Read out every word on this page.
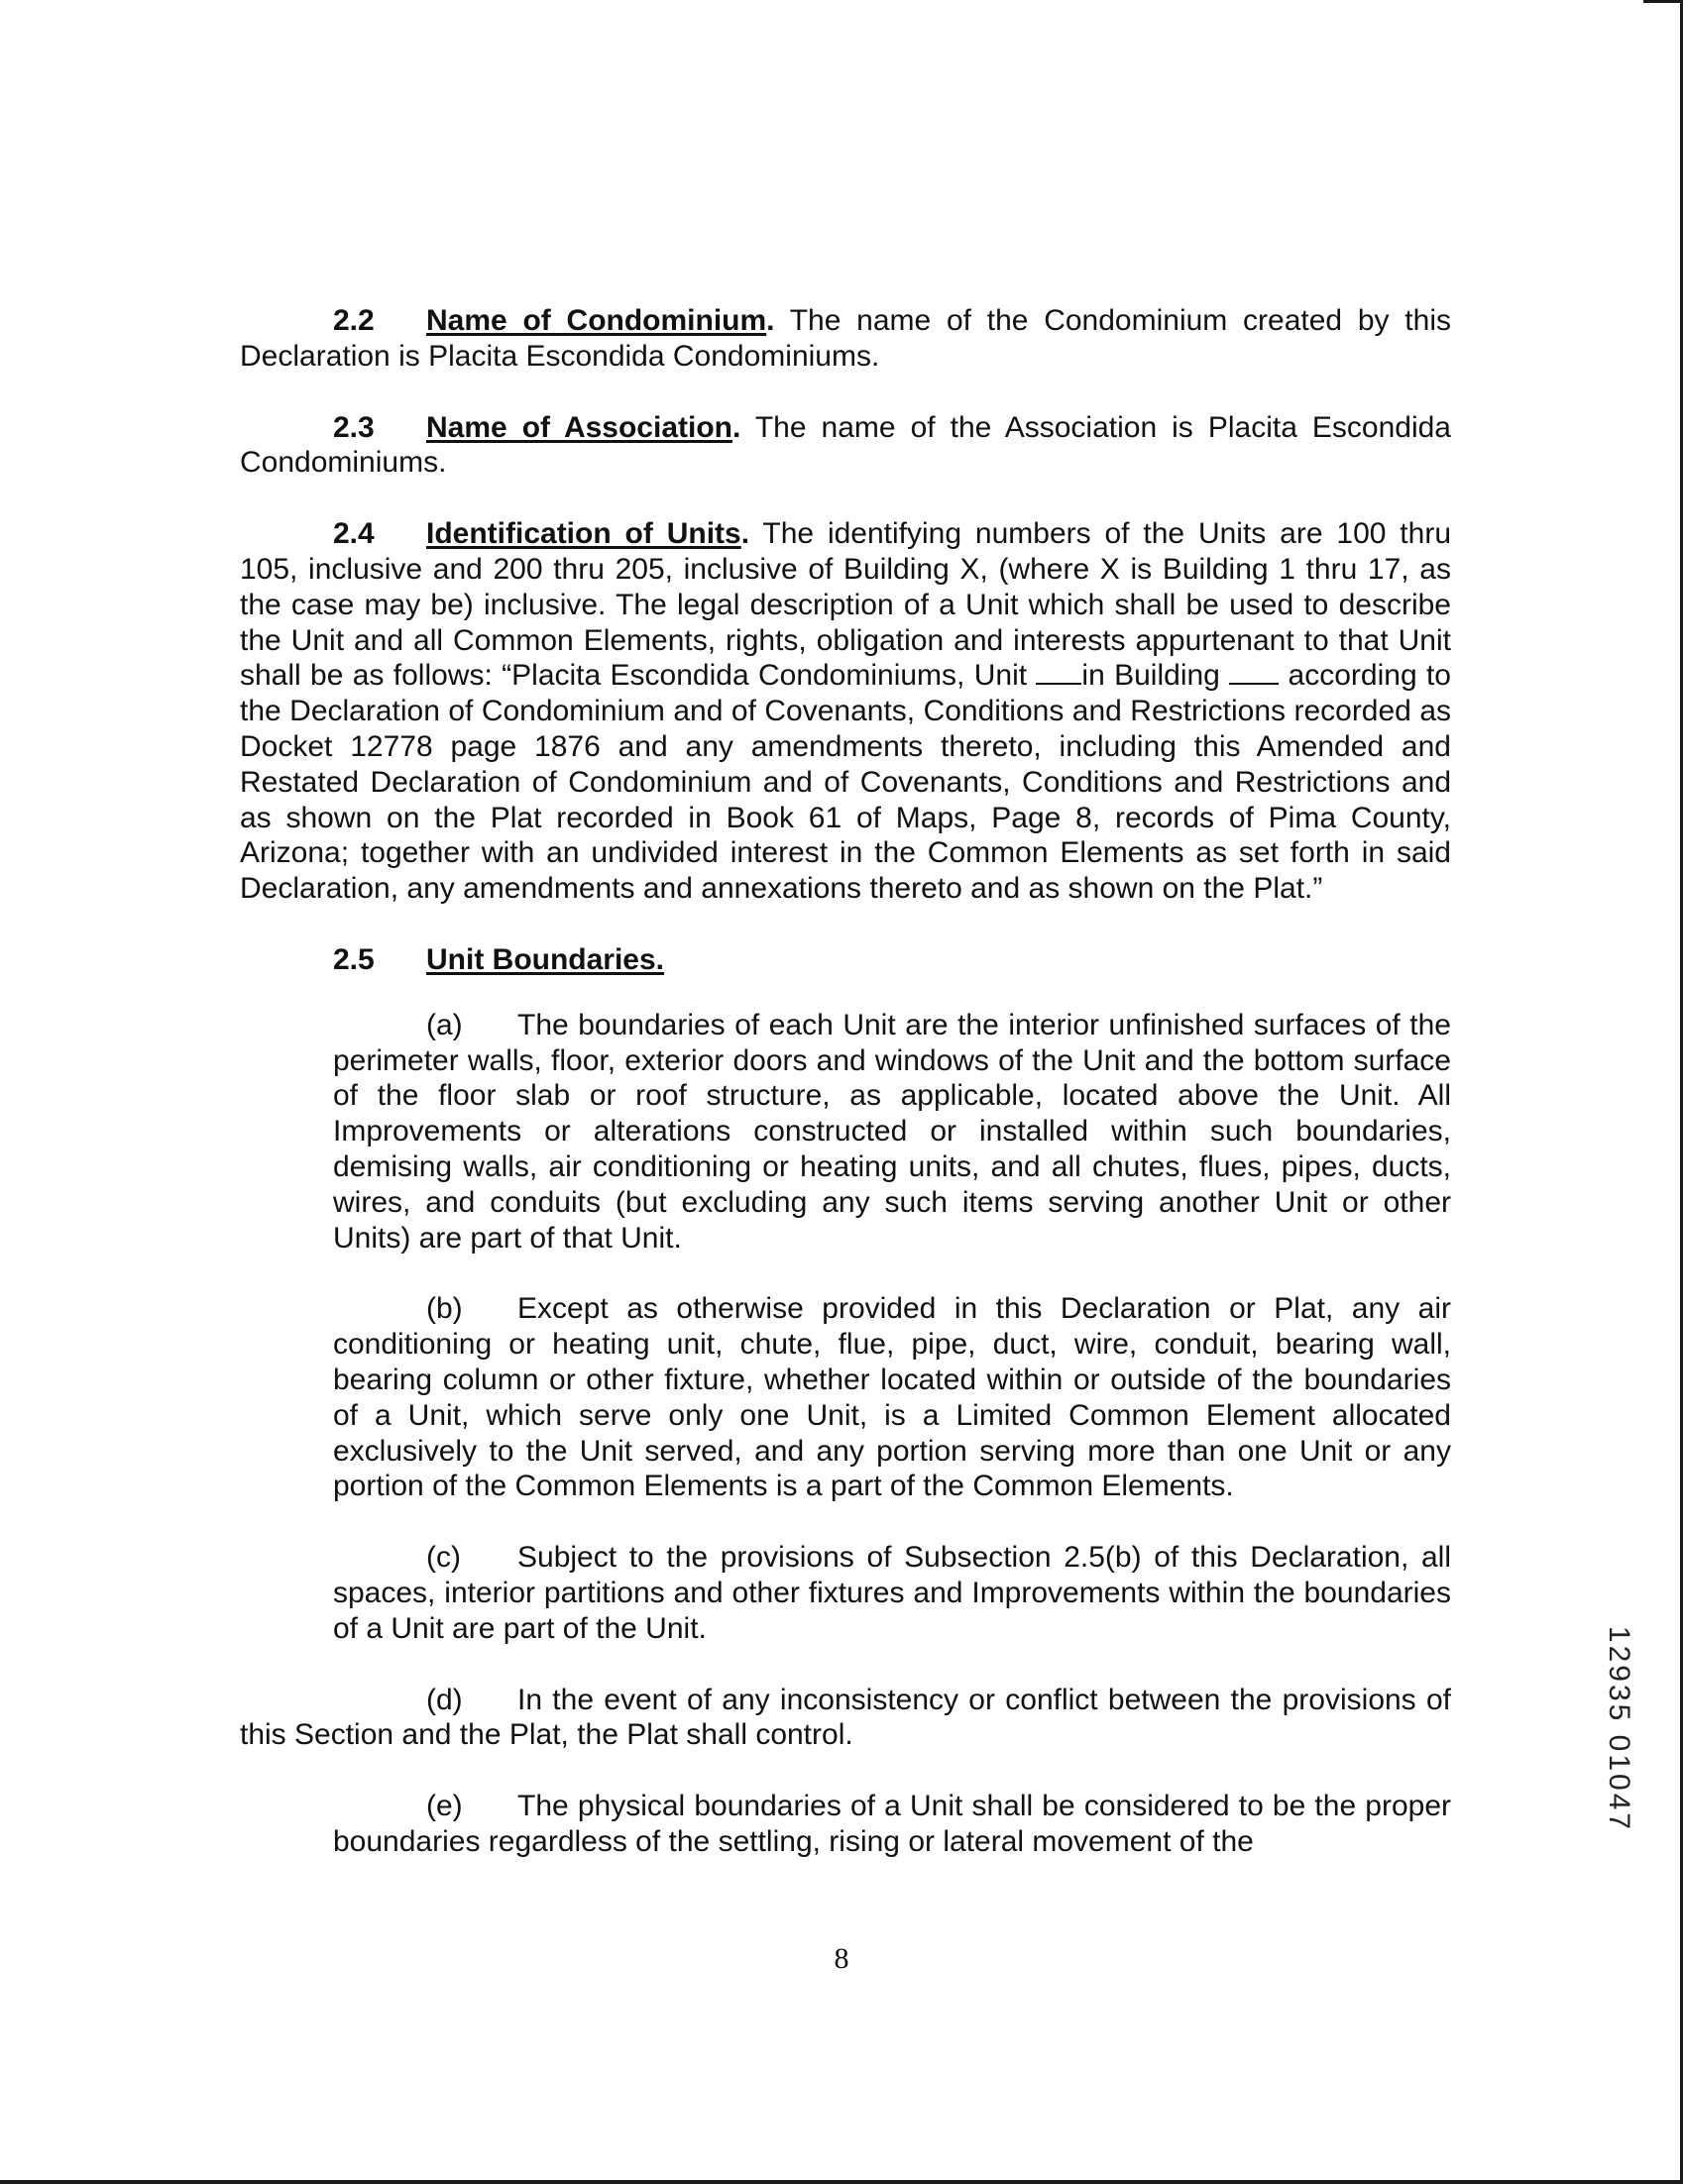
2.2 Name of Condominium. The name of the Condominium created by this Declaration is Placita Escondida Condominiums.

2.3 Name of Association. The name of the Association is Placita Escondida Condominiums.

2.4 Identification of Units. The identifying numbers of the Units are 100 thru 105, inclusive and 200 thru 205, inclusive of Building X, (where X is Building 1 thru 17, as the case may be) inclusive. The legal description of a Unit which shall be used to describe the Unit and all Common Elements, rights, obligation and interests appurtenant to that Unit shall be as follows: “Placita Escondida Condominiums, Unit in Building  according to the Declaration of Condominium and of Covenants, Conditions and Restrictions recorded as Docket 12778 page 1876 and any amendments thereto, including this Amended and Restated Declaration of Condominium and of Covenants, Conditions and Restrictions and as shown on the Plat recorded in Book 61 of Maps, Page 8, records of Pima County, Arizona; together with an undivided interest in the Common Elements as set forth in said Declaration, any amendments and annexations thereto and as shown on the Plat.”

2.5 Unit Boundaries.

(a) The boundaries of each Unit are the interior unfinished surfaces of the perimeter walls, floor, exterior doors and windows of the Unit and the bottom surface of the floor slab or roof structure, as applicable, located above the Unit. All Improvements or alterations constructed or installed within such boundaries, demising walls, air conditioning or heating units, and all chutes, flues, pipes, ducts, wires, and conduits (but excluding any such items serving another Unit or other Units) are part of that Unit.

(b) Except as otherwise provided in this Declaration or Plat, any air conditioning or heating unit, chute, flue, pipe, duct, wire, conduit, bearing wall, bearing column or other fixture, whether located within or outside of the boundaries of a Unit, which serve only one Unit, is a Limited Common Element allocated exclusively to the Unit served, and any portion serving more than one Unit or any portion of the Common Elements is a part of the Common Elements.

(c) Subject to the provisions of Subsection 2.5(b) of this Declaration, all spaces, interior partitions and other fixtures and Improvements within the boundaries of a Unit are part of the Unit.

(d) In the event of any inconsistency or conflict between the provisions of this Section and the Plat, the Plat shall control.

(e) The physical boundaries of a Unit shall be considered to be the proper boundaries regardless of the settling, rising or lateral movement of the

8
12935 01047
